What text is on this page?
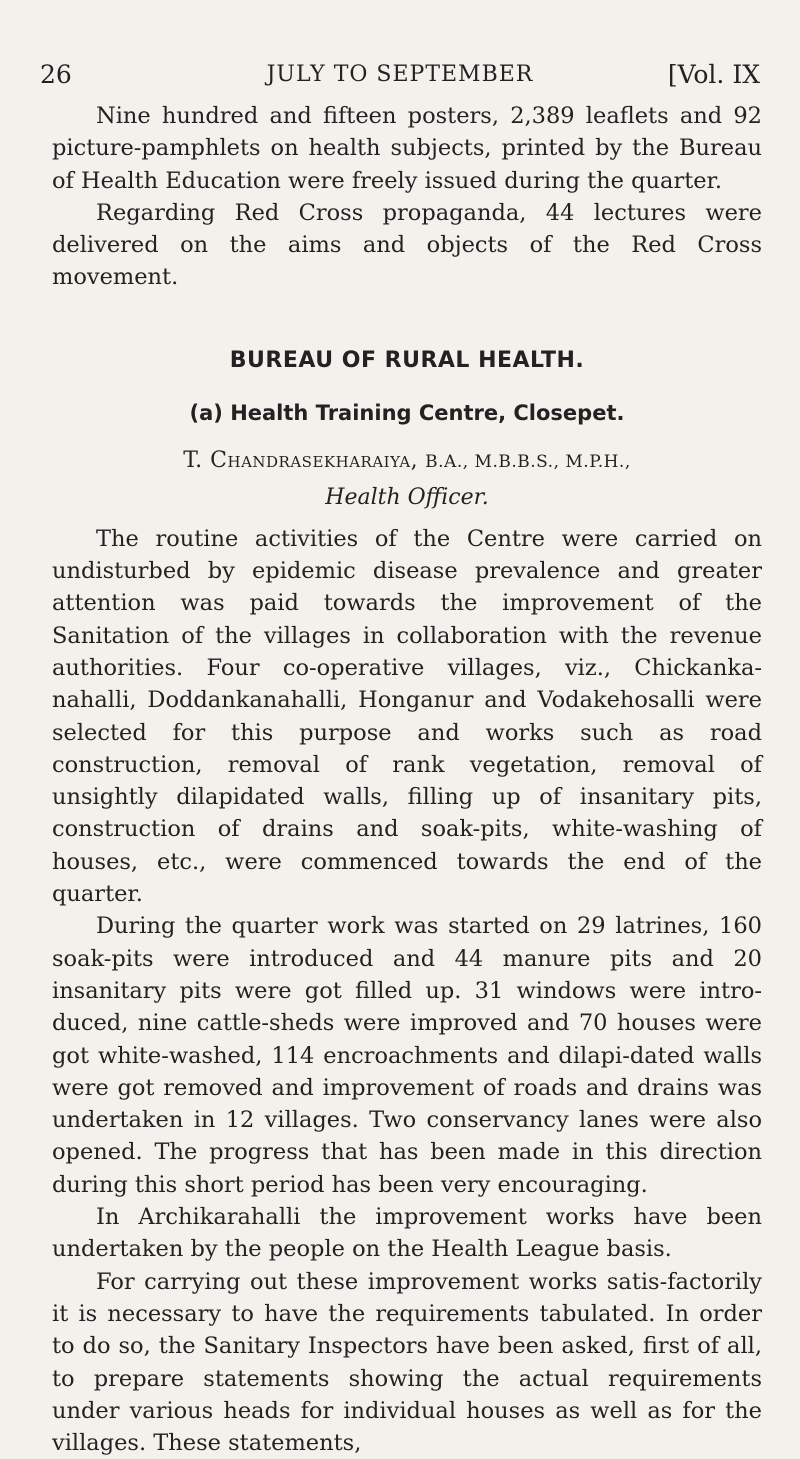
26	JULY TO SEPTEMBER	[Vol. IX

Nine hundred and fifteen posters, 2,389 leaflets and 92 picture-pamphlets on health subjects, printed by the Bureau of Health Education were freely issued during the quarter.

Regarding Red Cross propaganda, 44 lectures were delivered on the aims and objects of the Red Cross movement.

BUREAU OF RURAL HEALTH.
(a) Health Training Centre, Closepet.
T. Chandrasekharaiya, B.A., M.B.B.S., M.P.H.,
Health Officer.

The routine activities of the Centre were carried on undisturbed by epidemic disease prevalence and greater attention was paid towards the improvement of the Sanitation of the villages in collaboration with the revenue authorities. Four co-operative villages, viz., Chickanka-nahalli, Doddankanahalli, Honganur and Vodakehosalli were selected for this purpose and works such as road construction, removal of rank vegetation, removal of unsightly dilapidated walls, filling up of insanitary pits, construction of drains and soak-pits, white-washing of houses, etc., were commenced towards the end of the quarter.

During the quarter work was started on 29 latrines, 160 soak-pits were introduced and 44 manure pits and 20 insanitary pits were got filled up. 31 windows were intro-duced, nine cattle-sheds were improved and 70 houses were got white-washed, 114 encroachments and dilapi-dated walls were got removed and improvement of roads and drains was undertaken in 12 villages. Two conservancy lanes were also opened. The progress that has been made in this direction during this short period has been very encouraging.

In Archikarahalli the improvement works have been undertaken by the people on the Health League basis.

For carrying out these improvement works satis-factorily it is necessary to have the requirements tabulated. In order to do so, the Sanitary Inspectors have been asked, first of all, to prepare statements showing the actual requirements under various heads for individual houses as well as for the villages. These statements,
